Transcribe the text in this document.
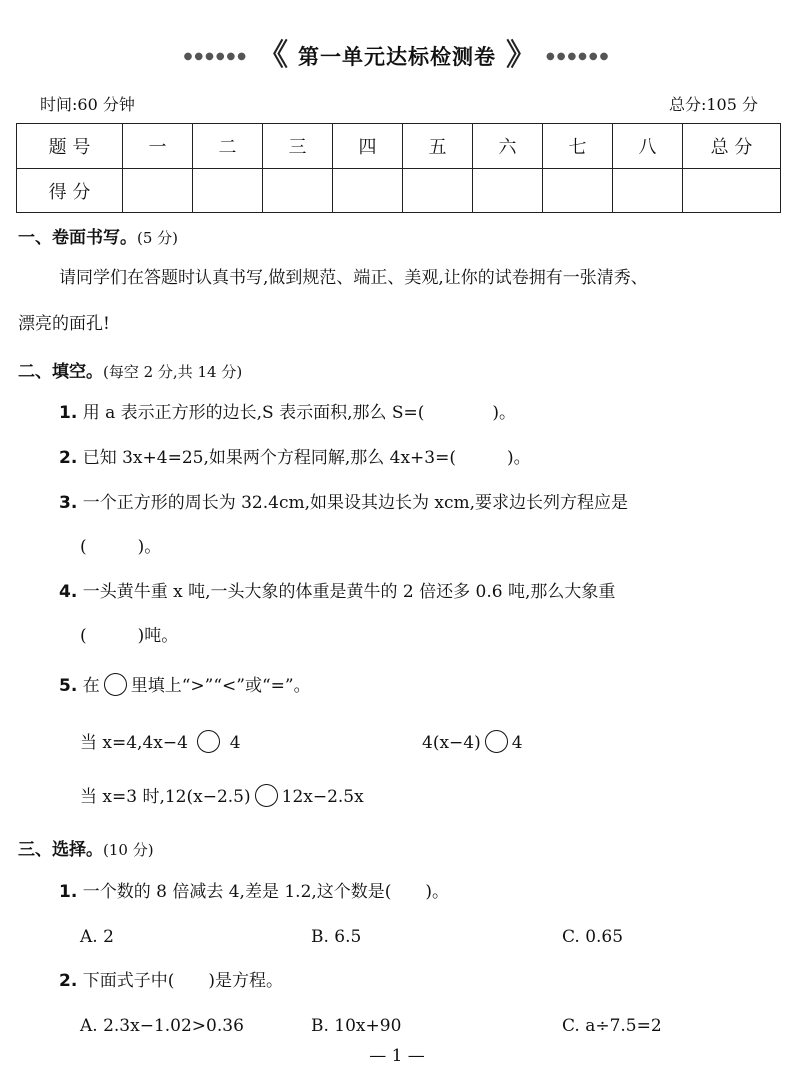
●●●●●● 《 第一单元达标检测卷 》 ●●●●●●
时间:60 分钟	总分:105 分
题 号	一	二	三	四	五	六	七	八	总 分
得 分									
一、卷面书写。(5 分)
请同学们在答题时认真书写,做到规范、端正、美观,让你的试卷拥有一张清秀、
漂亮的面孔!
二、填空。(每空 2 分,共 14 分)
1. 用 a 表示正方形的边长,S 表示面积,那么 S=(　　　　)。
2. 已知 3x+4=25,如果两个方程同解,那么 4x+3=(　　　)。
3. 一个正方形的周长为 32.4cm,如果设其边长为 xcm,要求边长列方程应是
(　　　)。
4. 一头黄牛重 x 吨,一头大象的体重是黄牛的 2 倍还多 0.6 吨,那么大象重
(　　　)吨。
5. 在 里填上“>”“<”或“=”。
当 x=4,4x−4 4	4(x−4) 4
当 x=3 时,12(x−2.5) 12x−2.5x
三、选择。(10 分)
1. 一个数的 8 倍减去 4,差是 1.2,这个数是(　　)。
A. 2	B. 6.5	C. 0.65
2. 下面式子中(　　)是方程。
A. 2.3x−1.02>0.36	B. 10x+90	C. a÷7.5=2
— 1 —
